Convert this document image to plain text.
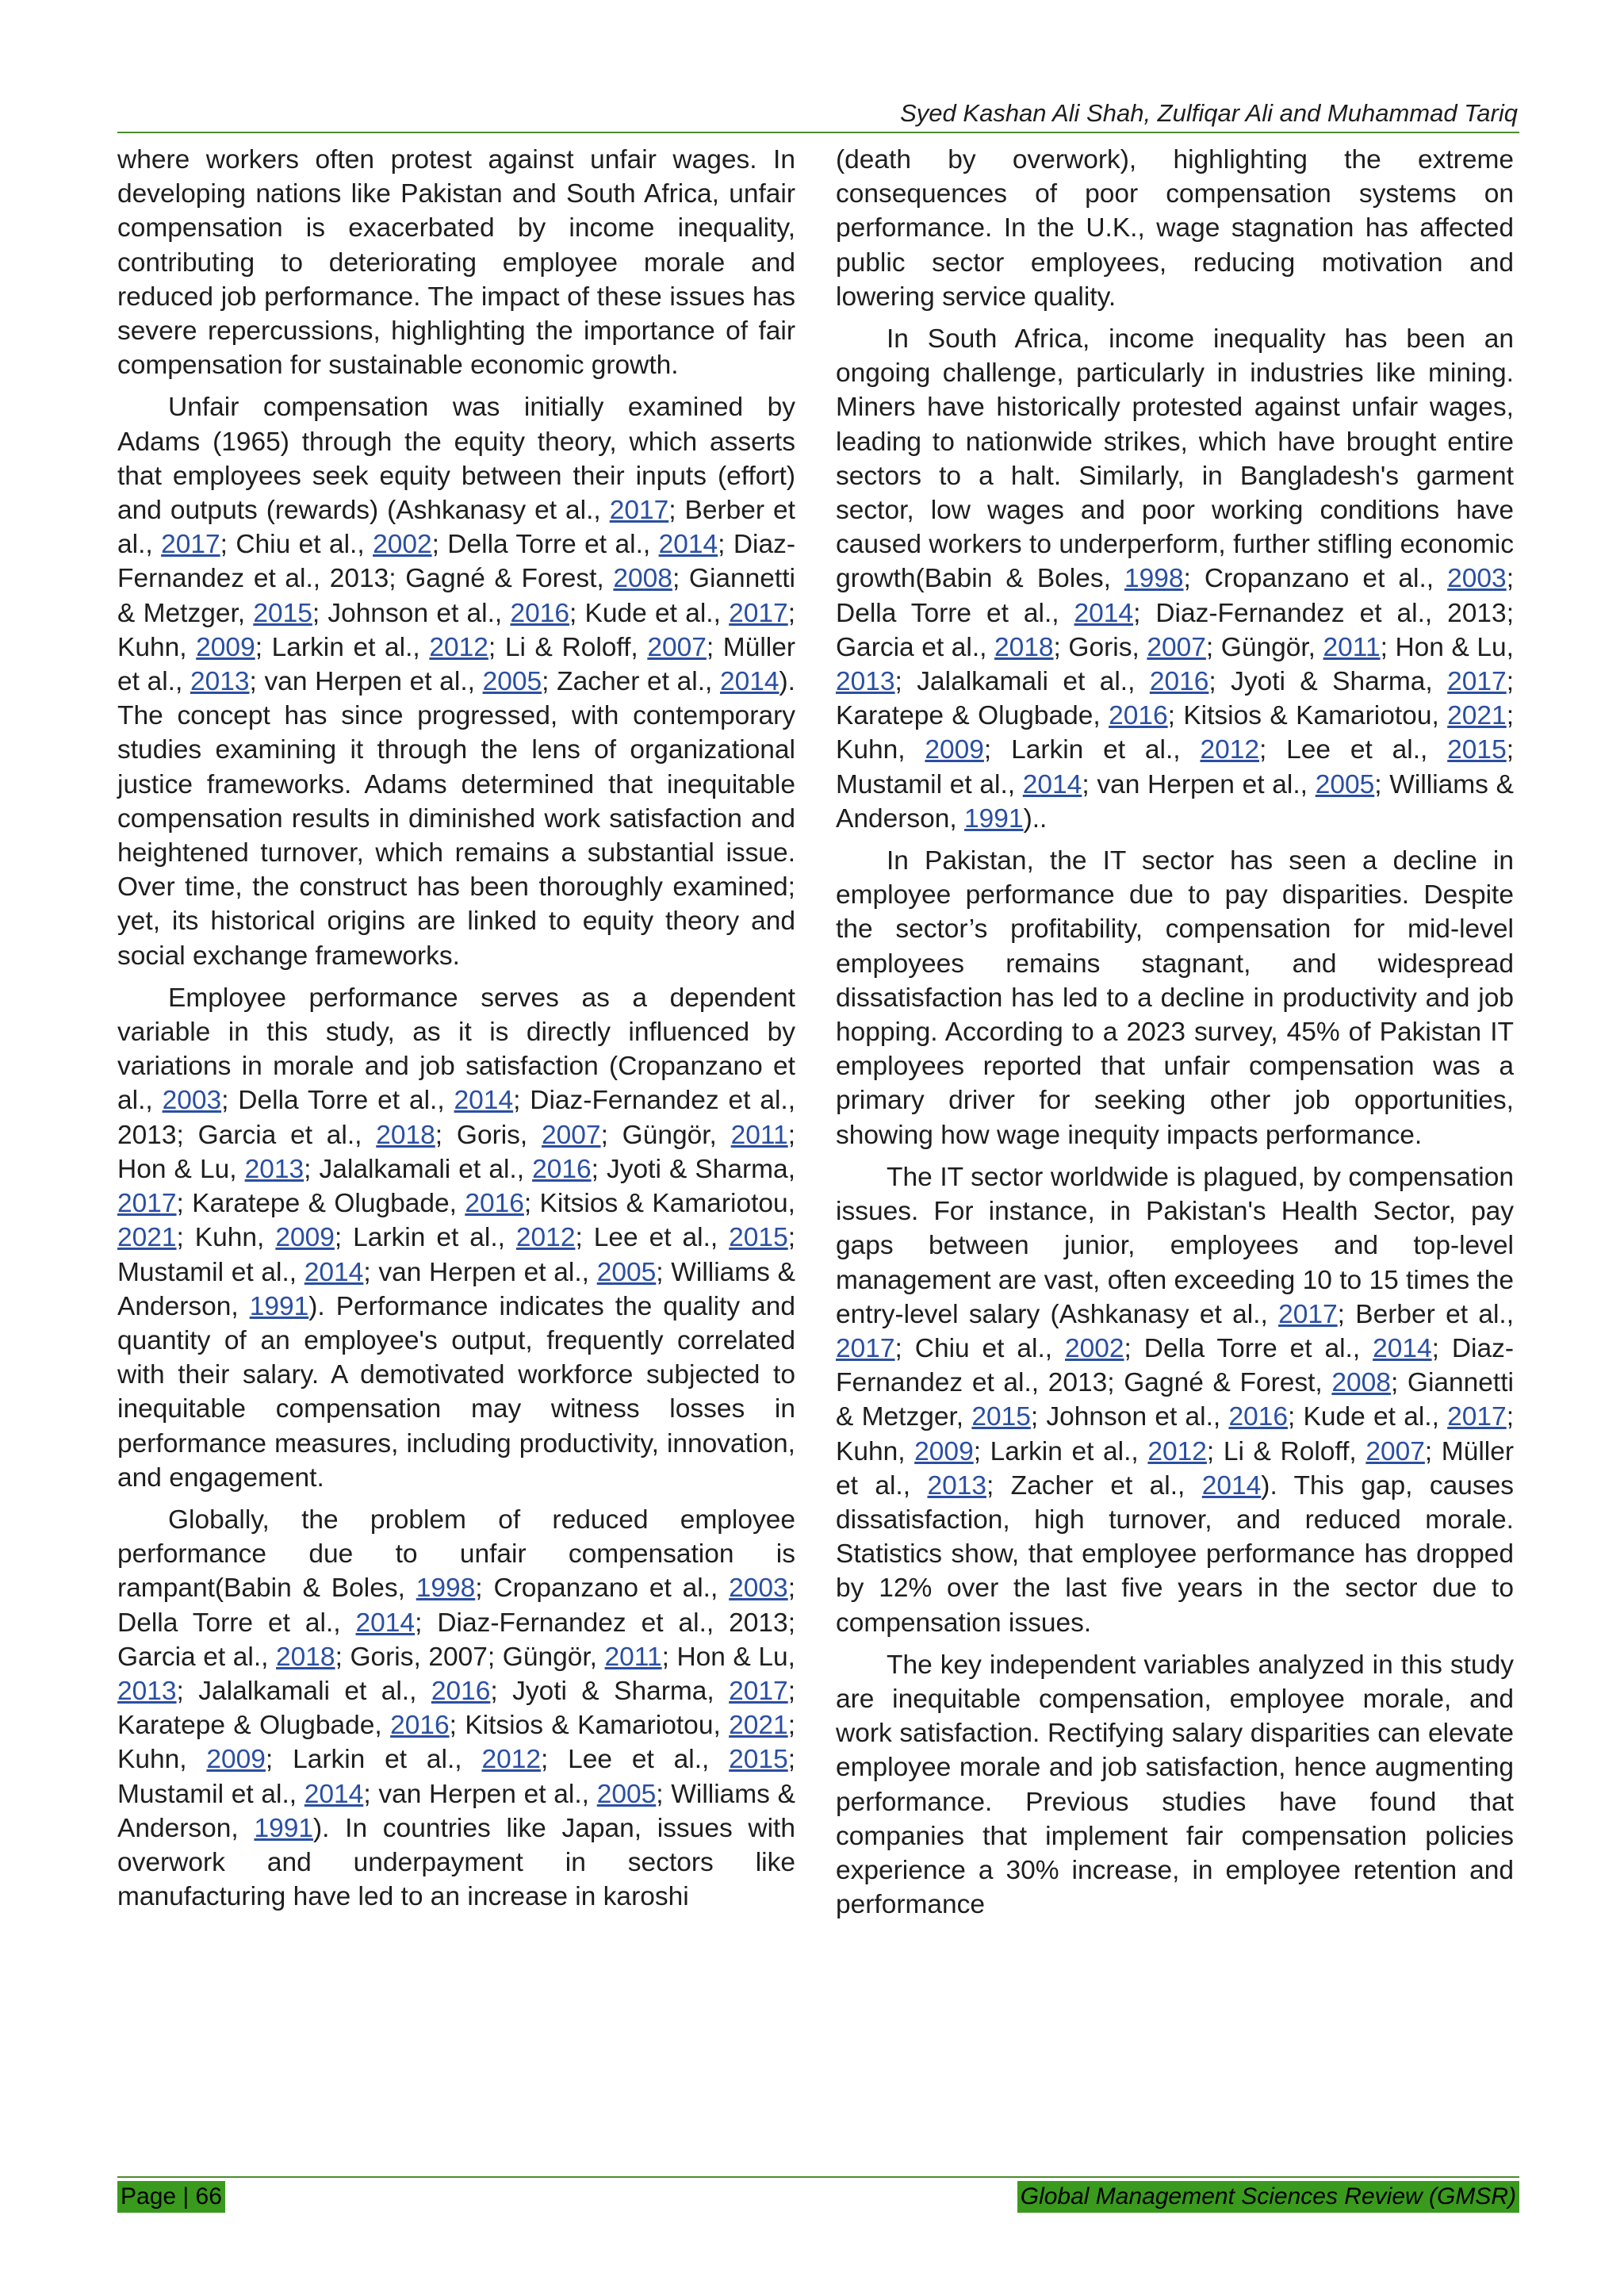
Syed Kashan Ali Shah, Zulfiqar Ali and Muhammad Tariq

where workers often protest against unfair wages. In developing nations like Pakistan and South Africa, unfair compensation is exacerbated by income inequality, contributing to deteriorating employee morale and reduced job performance. The impact of these issues has severe repercussions, highlighting the importance of fair compensation for sustainable economic growth.

Unfair compensation was initially examined by Adams (1965) through the equity theory, which asserts that employees seek equity between their inputs (effort) and outputs (rewards) (Ashkanasy et al., 2017; Berber et al., 2017; Chiu et al., 2002; Della Torre et al., 2014; Diaz-Fernandez et al., 2013; Gagné & Forest, 2008; Giannetti & Metzger, 2015; Johnson et al., 2016; Kude et al., 2017; Kuhn, 2009; Larkin et al., 2012; Li & Roloff, 2007; Müller et al., 2013; van Herpen et al., 2005; Zacher et al., 2014). The concept has since progressed, with contemporary studies examining it through the lens of organizational justice frameworks. Adams determined that inequitable compensation results in diminished work satisfaction and heightened turnover, which remains a substantial issue. Over time, the construct has been thoroughly examined; yet, its historical origins are linked to equity theory and social exchange frameworks.

Employee performance serves as a dependent variable in this study, as it is directly influenced by variations in morale and job satisfaction (Cropanzano et al., 2003; Della Torre et al., 2014; Diaz-Fernandez et al., 2013; Garcia et al., 2018; Goris, 2007; Güngör, 2011; Hon & Lu, 2013; Jalalkamali et al., 2016; Jyoti & Sharma, 2017; Karatepe & Olugbade, 2016; Kitsios & Kamariotou, 2021; Kuhn, 2009; Larkin et al., 2012; Lee et al., 2015; Mustamil et al., 2014; van Herpen et al., 2005; Williams & Anderson, 1991). Performance indicates the quality and quantity of an employee's output, frequently correlated with their salary. A demotivated workforce subjected to inequitable compensation may witness losses in performance measures, including productivity, innovation, and engagement.

Globally, the problem of reduced employee performance due to unfair compensation is rampant(Babin & Boles, 1998; Cropanzano et al., 2003; Della Torre et al., 2014; Diaz-Fernandez et al., 2013; Garcia et al., 2018; Goris, 2007; Güngör, 2011; Hon & Lu, 2013; Jalalkamali et al., 2016; Jyoti & Sharma, 2017; Karatepe & Olugbade, 2016; Kitsios & Kamariotou, 2021; Kuhn, 2009; Larkin et al., 2012; Lee et al., 2015; Mustamil et al., 2014; van Herpen et al., 2005; Williams & Anderson, 1991). In countries like Japan, issues with overwork and underpayment in sectors like manufacturing have led to an increase in karoshi

(death by overwork), highlighting the extreme consequences of poor compensation systems on performance. In the U.K., wage stagnation has affected public sector employees, reducing motivation and lowering service quality.

In South Africa, income inequality has been an ongoing challenge, particularly in industries like mining. Miners have historically protested against unfair wages, leading to nationwide strikes, which have brought entire sectors to a halt. Similarly, in Bangladesh's garment sector, low wages and poor working conditions have caused workers to underperform, further stifling economic growth(Babin & Boles, 1998; Cropanzano et al., 2003; Della Torre et al., 2014; Diaz-Fernandez et al., 2013; Garcia et al., 2018; Goris, 2007; Güngör, 2011; Hon & Lu, 2013; Jalalkamali et al., 2016; Jyoti & Sharma, 2017; Karatepe & Olugbade, 2016; Kitsios & Kamariotou, 2021; Kuhn, 2009; Larkin et al., 2012; Lee et al., 2015; Mustamil et al., 2014; van Herpen et al., 2005; Williams & Anderson, 1991)..

In Pakistan, the IT sector has seen a decline in employee performance due to pay disparities. Despite the sector’s profitability, compensation for mid-level employees remains stagnant, and widespread dissatisfaction has led to a decline in productivity and job hopping. According to a 2023 survey, 45% of Pakistan IT employees reported that unfair compensation was a primary driver for seeking other job opportunities, showing how wage inequity impacts performance.

The IT sector worldwide is plagued, by compensation issues. For instance, in Pakistan's Health Sector, pay gaps between junior, employees and top-level management are vast, often exceeding 10 to 15 times the entry-level salary (Ashkanasy et al., 2017; Berber et al., 2017; Chiu et al., 2002; Della Torre et al., 2014; Diaz-Fernandez et al., 2013; Gagné & Forest, 2008; Giannetti & Metzger, 2015; Johnson et al., 2016; Kude et al., 2017; Kuhn, 2009; Larkin et al., 2012; Li & Roloff, 2007; Müller et al., 2013; Zacher et al., 2014). This gap, causes dissatisfaction, high turnover, and reduced morale. Statistics show, that employee performance has dropped by 12% over the last five years in the sector due to compensation issues.

The key independent variables analyzed in this study are inequitable compensation, employee morale, and work satisfaction. Rectifying salary disparities can elevate employee morale and job satisfaction, hence augmenting performance. Previous studies have found that companies that implement fair compensation policies experience a 30% increase, in employee retention and performance

Page | 66	Global Management Sciences Review (GMSR)
